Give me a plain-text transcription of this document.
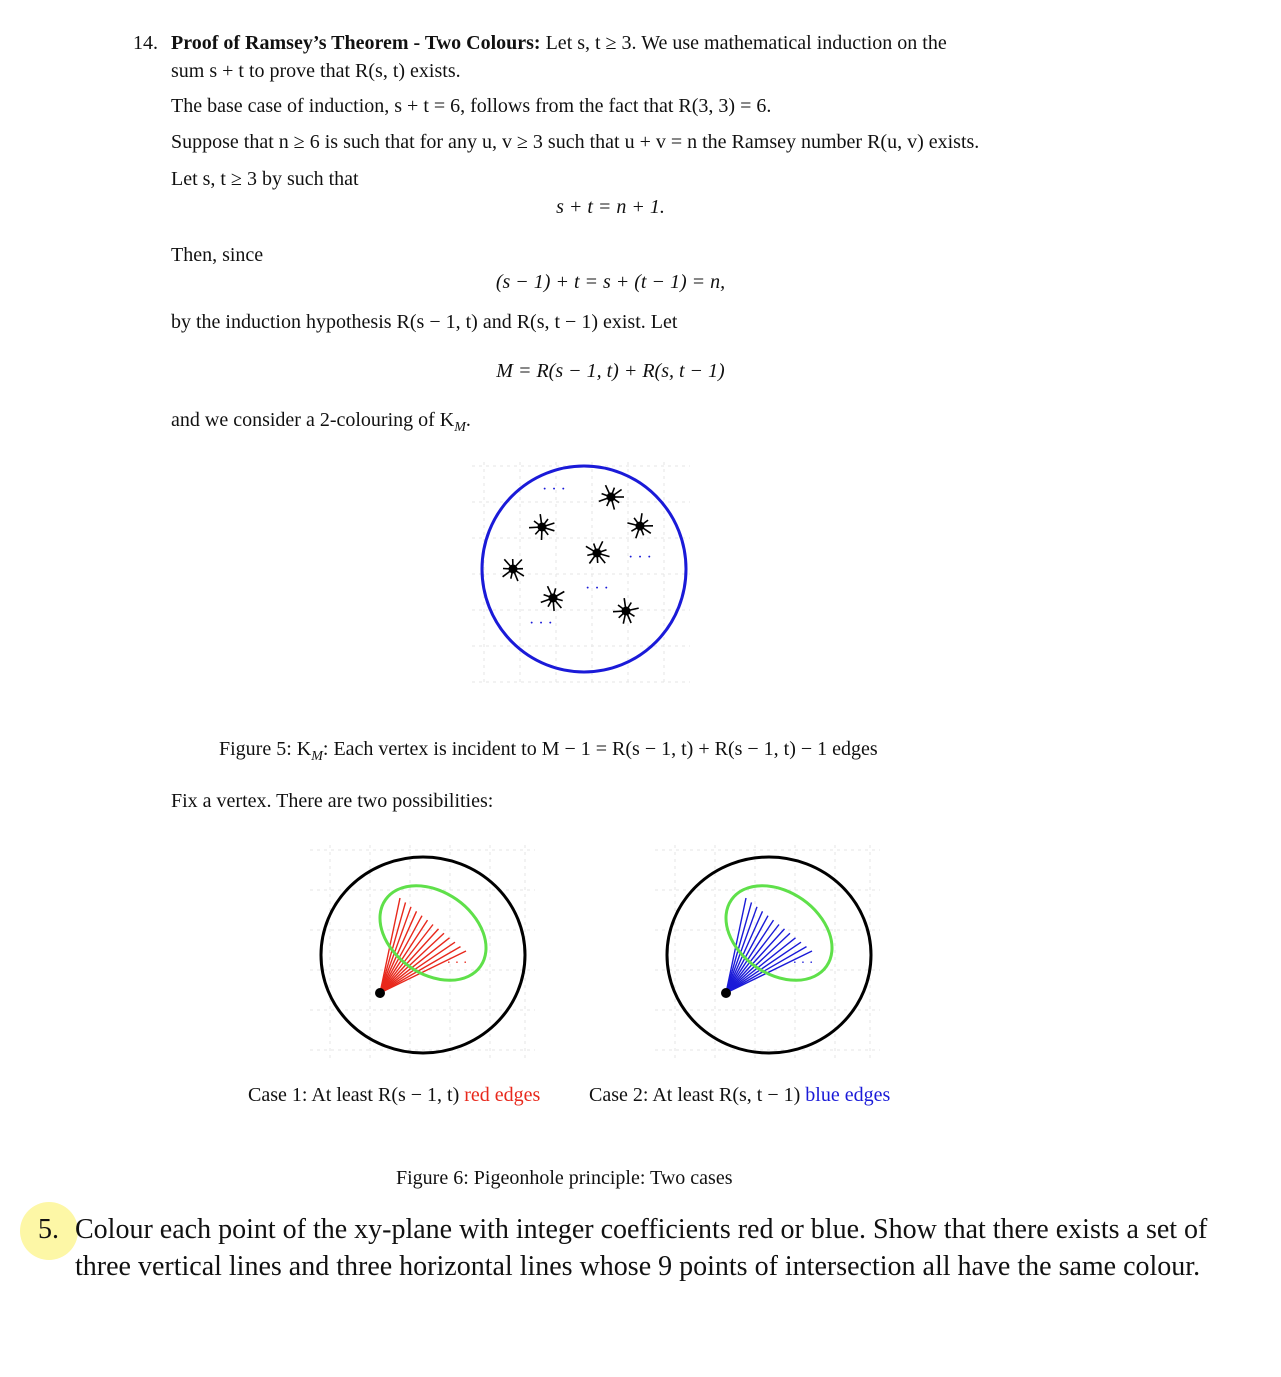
14. Proof of Ramsey’s Theorem - Two Colours: Let s, t ≥ 3. We use mathematical induction on the
sum s + t to prove that R(s, t) exists.
The base case of induction, s + t = 6, follows from the fact that R(3, 3) = 6.
Suppose that n ≥ 6 is such that for any u, v ≥ 3 such that u + v = n the Ramsey number R(u, v) exists.
Let s, t ≥ 3 by such that
s + t = n + 1.
Then, since
(s − 1) + t = s + (t − 1) = n,
by the induction hypothesis R(s − 1, t) and R(s, t − 1) exist. Let
M = R(s − 1, t) + R(s, t − 1)
and we consider a 2-colouring of $K_M$.
· · ·
· · ·
· · ·
· · ·
Figure 5: $K_M$: Each vertex is incident to M − 1 = R(s − 1, t) + R(s − 1, t) − 1 edges
Fix a vertex. There are two possibilities:
· · ·	· · ·
Case 1: At least R(s − 1, t) red edges Case 2: At least R(s, t − 1) blue edges
Figure 6: Pigeonhole principle: Two cases
5. Colour each point of the xy-plane with integer coefficients red or blue. Show that there exists a set of
three vertical lines and three horizontal lines whose 9 points of intersection all have the same colour.
